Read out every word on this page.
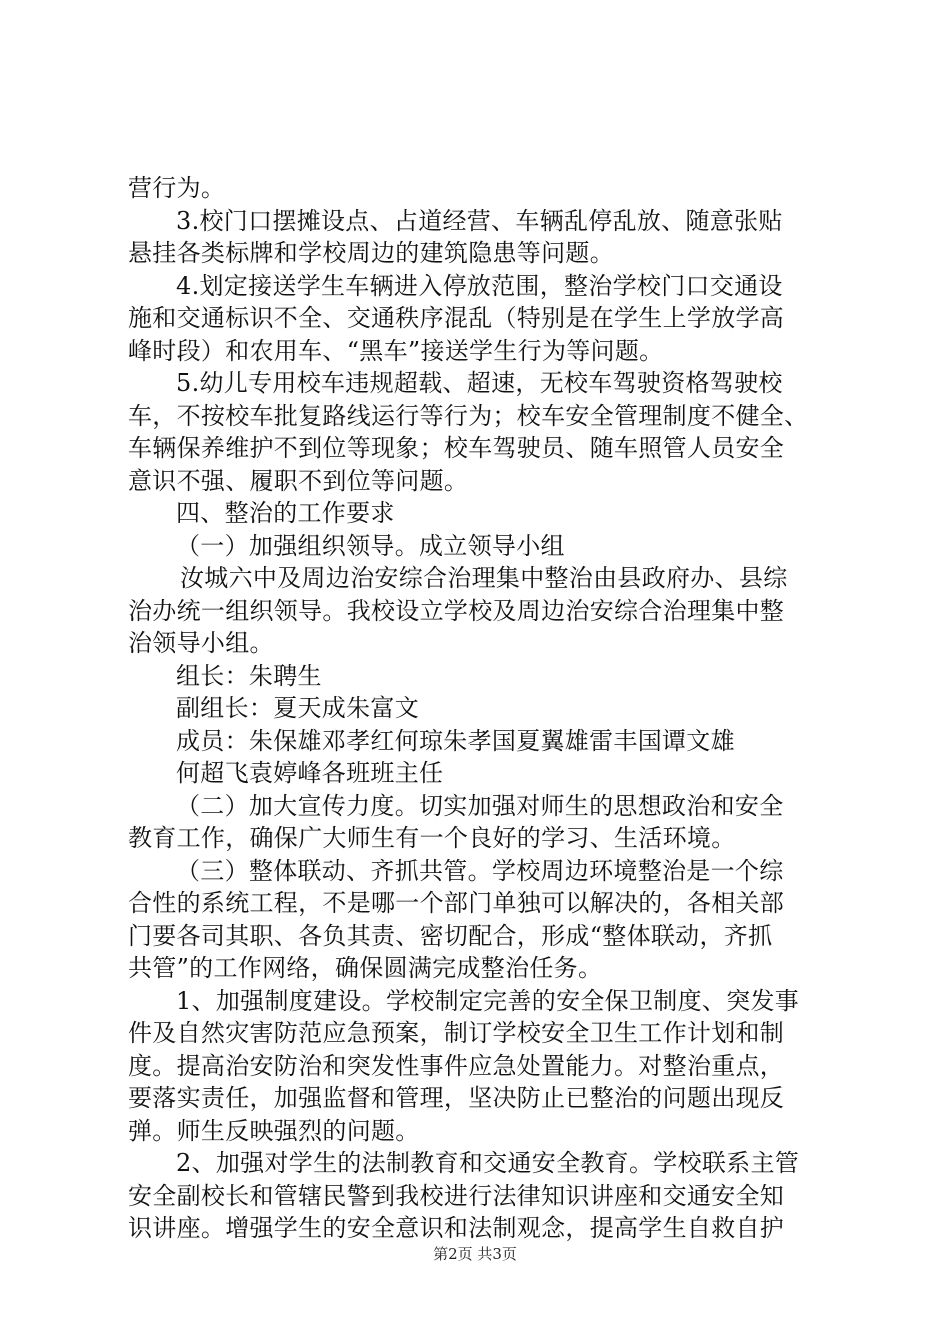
营行为。
3.校门口摆摊设点、占道经营、车辆乱停乱放、随意张贴
悬挂各类标牌和学校周边的建筑隐患等问题。
4.划定接送学生车辆进入停放范围，整治学校门口交通设
施和交通标识不全、交通秩序混乱（特别是在学生上学放学高
峰时段）和农用车、“黑车”接送学生行为等问题。
5.幼儿专用校车违规超载、超速，无校车驾驶资格驾驶校
车，不按校车批复路线运行等行为；校车安全管理制度不健全、
车辆保养维护不到位等现象；校车驾驶员、随车照管人员安全
意识不强、履职不到位等问题。
四、整治的工作要求
（一）加强组织领导。成立领导小组
汝城六中及周边治安综合治理集中整治由县政府办、县综
治办统一组织领导。我校设立学校及周边治安综合治理集中整
治领导小组。
组长：朱聘生
副组长：夏天成朱富文
成员：朱保雄邓孝红何琼朱孝国夏翼雄雷丰国谭文雄
何超飞袁婷峰各班班主任
（二）加大宣传力度。切实加强对师生的思想政治和安全
教育工作，确保广大师生有一个良好的学习、生活环境。
（三）整体联动、齐抓共管。学校周边环境整治是一个综
合性的系统工程，不是哪一个部门单独可以解决的，各相关部
门要各司其职、各负其责、密切配合，形成“整体联动，齐抓
共管”的工作网络，确保圆满完成整治任务。
1、加强制度建设。学校制定完善的安全保卫制度、突发事
件及自然灾害防范应急预案，制订学校安全卫生工作计划和制
度。提高治安防治和突发性事件应急处置能力。对整治重点，
要落实责任，加强监督和管理，坚决防止已整治的问题出现反
弹。师生反映强烈的问题。
2、加强对学生的法制教育和交通安全教育。学校联系主管
安全副校长和管辖民警到我校进行法律知识讲座和交通安全知
识讲座。增强学生的安全意识和法制观念，提高学生自救自护
第2页 共3页
